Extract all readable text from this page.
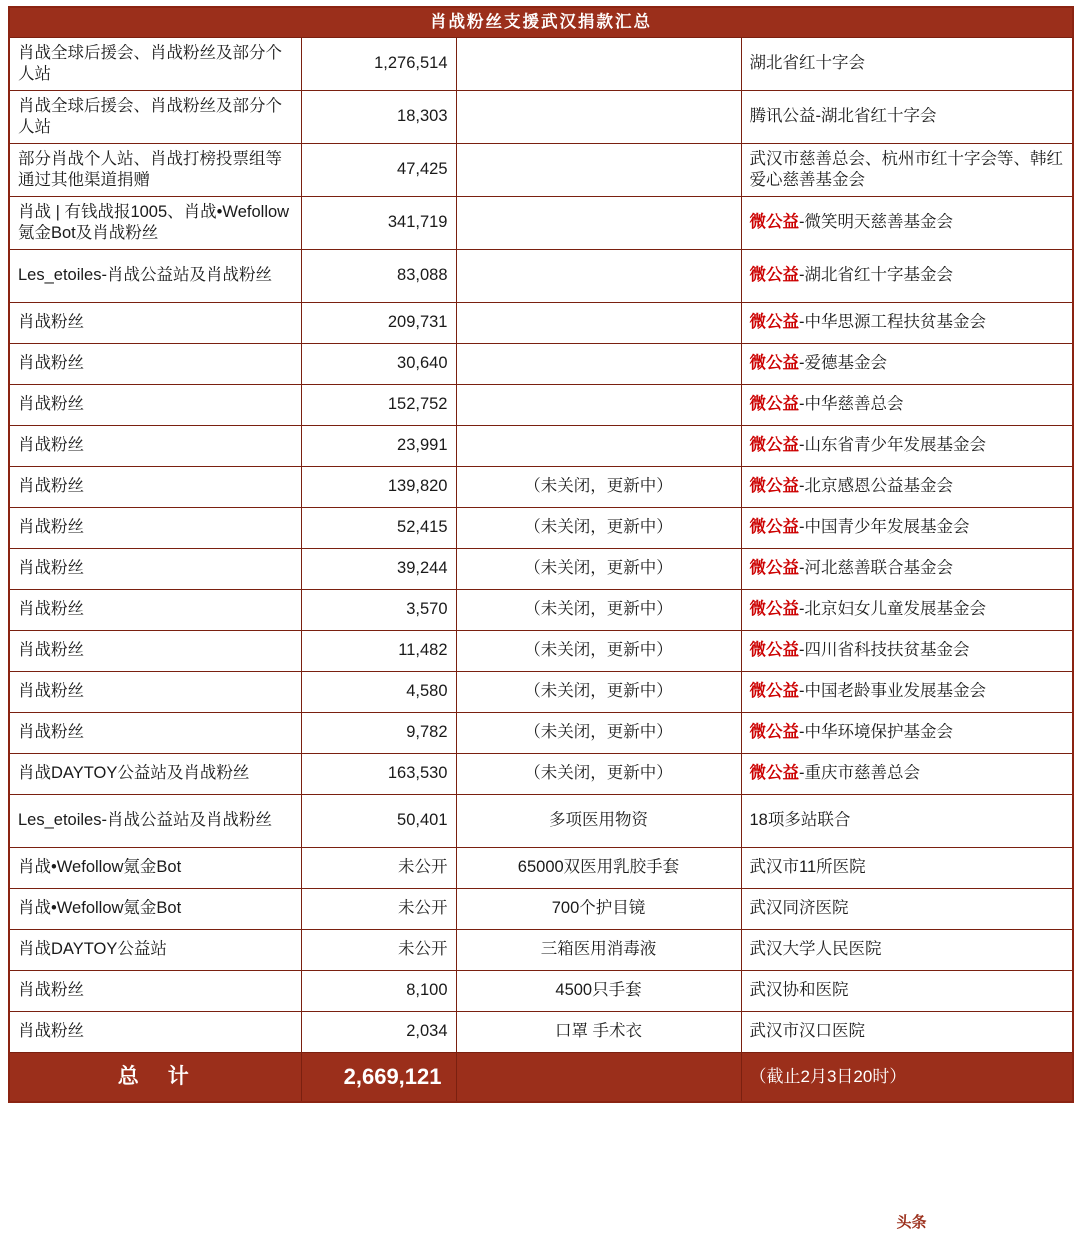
肖战粉丝支援武汉捐款汇总			
肖战全球后援会、肖战粉丝及部分个人站	1,276,514		湖北省红十字会
肖战全球后援会、肖战粉丝及部分个人站	18,303		腾讯公益-湖北省红十字会
部分肖战个人站、肖战打榜投票组等通过其他渠道捐赠	47,425		武汉市慈善总会、杭州市红十字会等、韩红爱心慈善基金会
肖战 | 有钱战报1005、肖战•Wefollow氪金Bot及肖战粉丝	341,719		微公益-微笑明天慈善基金会
Les_etoiles-肖战公益站及肖战粉丝	83,088		微公益-湖北省红十字基金会
肖战粉丝	209,731		微公益-中华思源工程扶贫基金会
肖战粉丝	30,640		微公益-爱德基金会
肖战粉丝	152,752		微公益-中华慈善总会
肖战粉丝	23,991		微公益-山东省青少年发展基金会
肖战粉丝	139,820	（未关闭，更新中）	微公益-北京感恩公益基金会
肖战粉丝	52,415	（未关闭，更新中）	微公益-中国青少年发展基金会
肖战粉丝	39,244	（未关闭，更新中）	微公益-河北慈善联合基金会
肖战粉丝	3,570	（未关闭，更新中）	微公益-北京妇女儿童发展基金会
肖战粉丝	11,482	（未关闭，更新中）	微公益-四川省科技扶贫基金会
肖战粉丝	4,580	（未关闭，更新中）	微公益-中国老龄事业发展基金会
肖战粉丝	9,782	（未关闭，更新中）	微公益-中华环境保护基金会
肖战DAYTOY公益站及肖战粉丝	163,530	（未关闭，更新中）	微公益-重庆市慈善总会
Les_etoiles-肖战公益站及肖战粉丝	50,401	多项医用物资	18项多站联合
肖战•Wefollow氪金Bot	未公开	65000双医用乳胶手套	武汉市11所医院
肖战•Wefollow氪金Bot	未公开	700个护目镜	武汉同济医院
肖战DAYTOY公益站	未公开	三箱医用消毒液	武汉大学人民医院
肖战粉丝	8,100	4500只手套	武汉协和医院
肖战粉丝	2,034	口罩 手术衣	武汉市汉口医院
总　计	2,669,121		（截止2月3日20时）
头条 @天生这么红
